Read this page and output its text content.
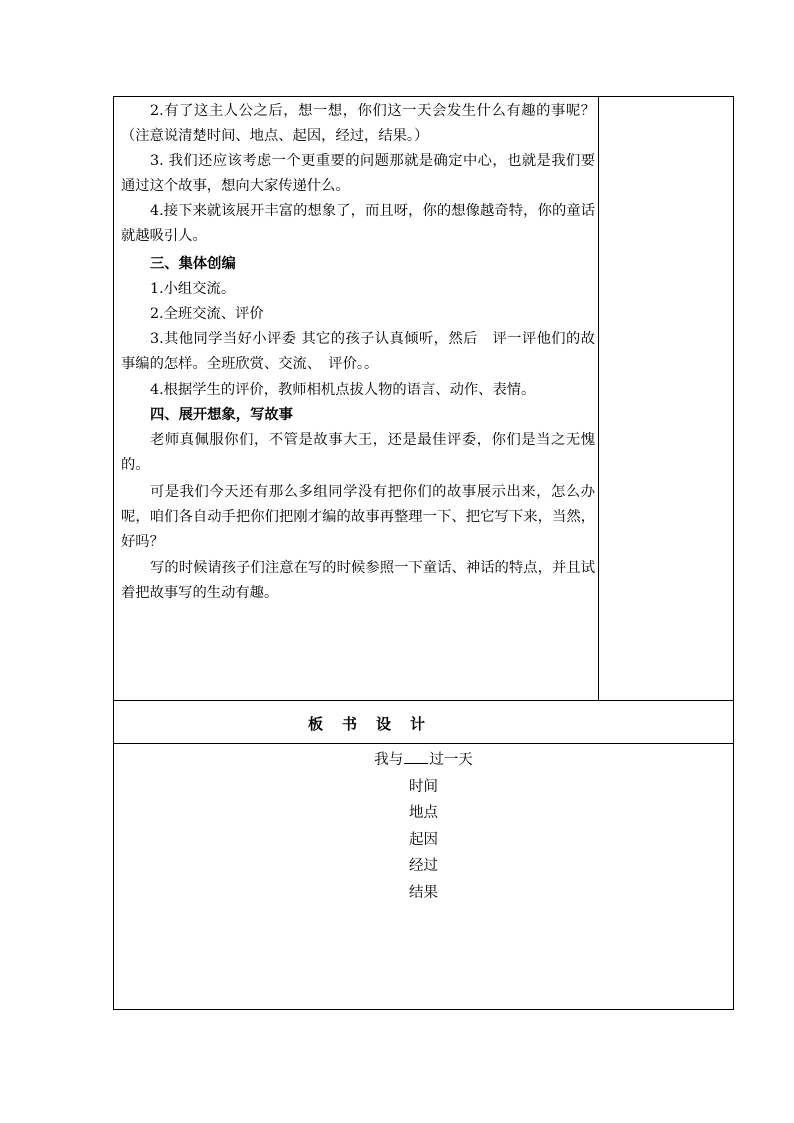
2.有了这主人公之后，想一想，你们这一天会发生什么有趣的事呢？（注意说清楚时间、地点、起因，经过，结果。）

3. 我们还应该考虑一个更重要的问题那就是确定中心，也就是我们要通过这个故事，想向大家传递什么。

4.接下来就该展开丰富的想象了，而且呀，你的想像越奇特，你的童话就越吸引人。

三、集体创编

1.小组交流。

2.全班交流、评价

3.其他同学当好小评委 其它的孩子认真倾听，然后　评一评他们的故事编的怎样。全班欣赏、交流、　评价。。

4.根据学生的评价，教师相机点拔人物的语言、动作、表情。

四、展开想象，写故事

老师真佩服你们，不管是故事大王，还是最佳评委，你们是当之无愧的。

可是我们今天还有那么多组同学没有把你们的故事展示出来，怎么办呢，咱们各自动手把你们把刚才编的故事再整理一下、把它写下来，当然，好吗？

写的时候请孩子们注意在写的时候参照一下童话、神话的特点，并且试着把故事写的生动有趣。

板　书　设　计
我与 过一天
时间
地点
起因
经过
结果
